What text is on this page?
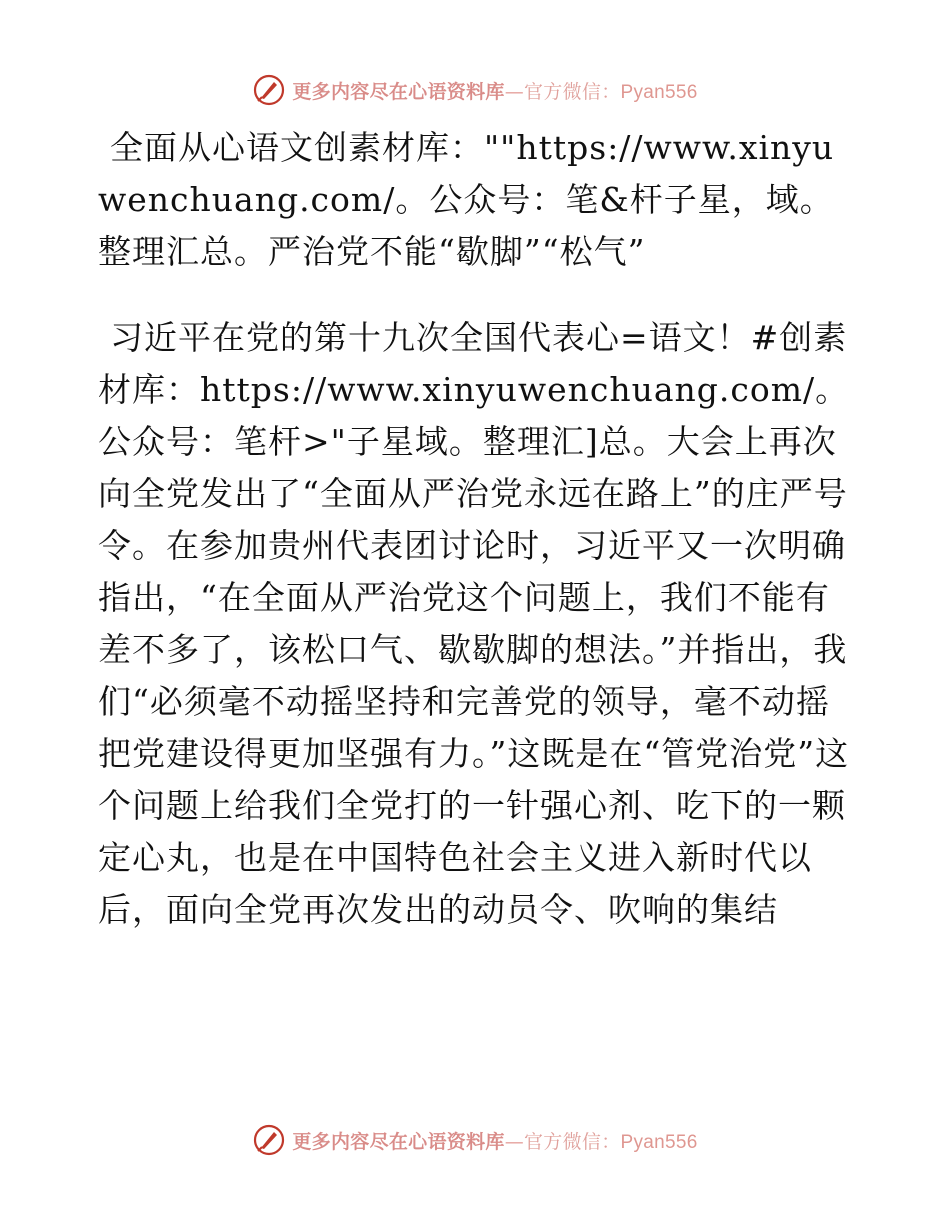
更多内容尽在心语资料库—官方微信：Pyan556

全面从心语文创素材库：""https://www.xinyuwenchuang.com/。公众号：笔&杆子星，域。整理汇总。严治党不能“歇脚”“松气”

习近平在党的第十九次全国代表心=语文！#创素材库：https://www.xinyuwenchuang.com/。公众号：笔杆>"子星域。整理汇]总。大会上再次向全党发出了“全面从严治党永远在路上”的庄严号令。在参加贵州代表团讨论时，习近平又一次明确指出，“在全面从严治党这个问题上，我们不能有差不多了，该松口气、歇歇脚的想法。”并指出，我们“必须毫不动摇坚持和完善党的领导，毫不动摇把党建设得更加坚强有力。”这既是在“管党治党”这个问题上给我们全党打的一针强心剂、吃下的一颗定心丸，也是在中国特色社会主义进入新时代以后，面向全党再次发出的动员令、吹响的集结

更多内容尽在心语资料库—官方微信：Pyan556
